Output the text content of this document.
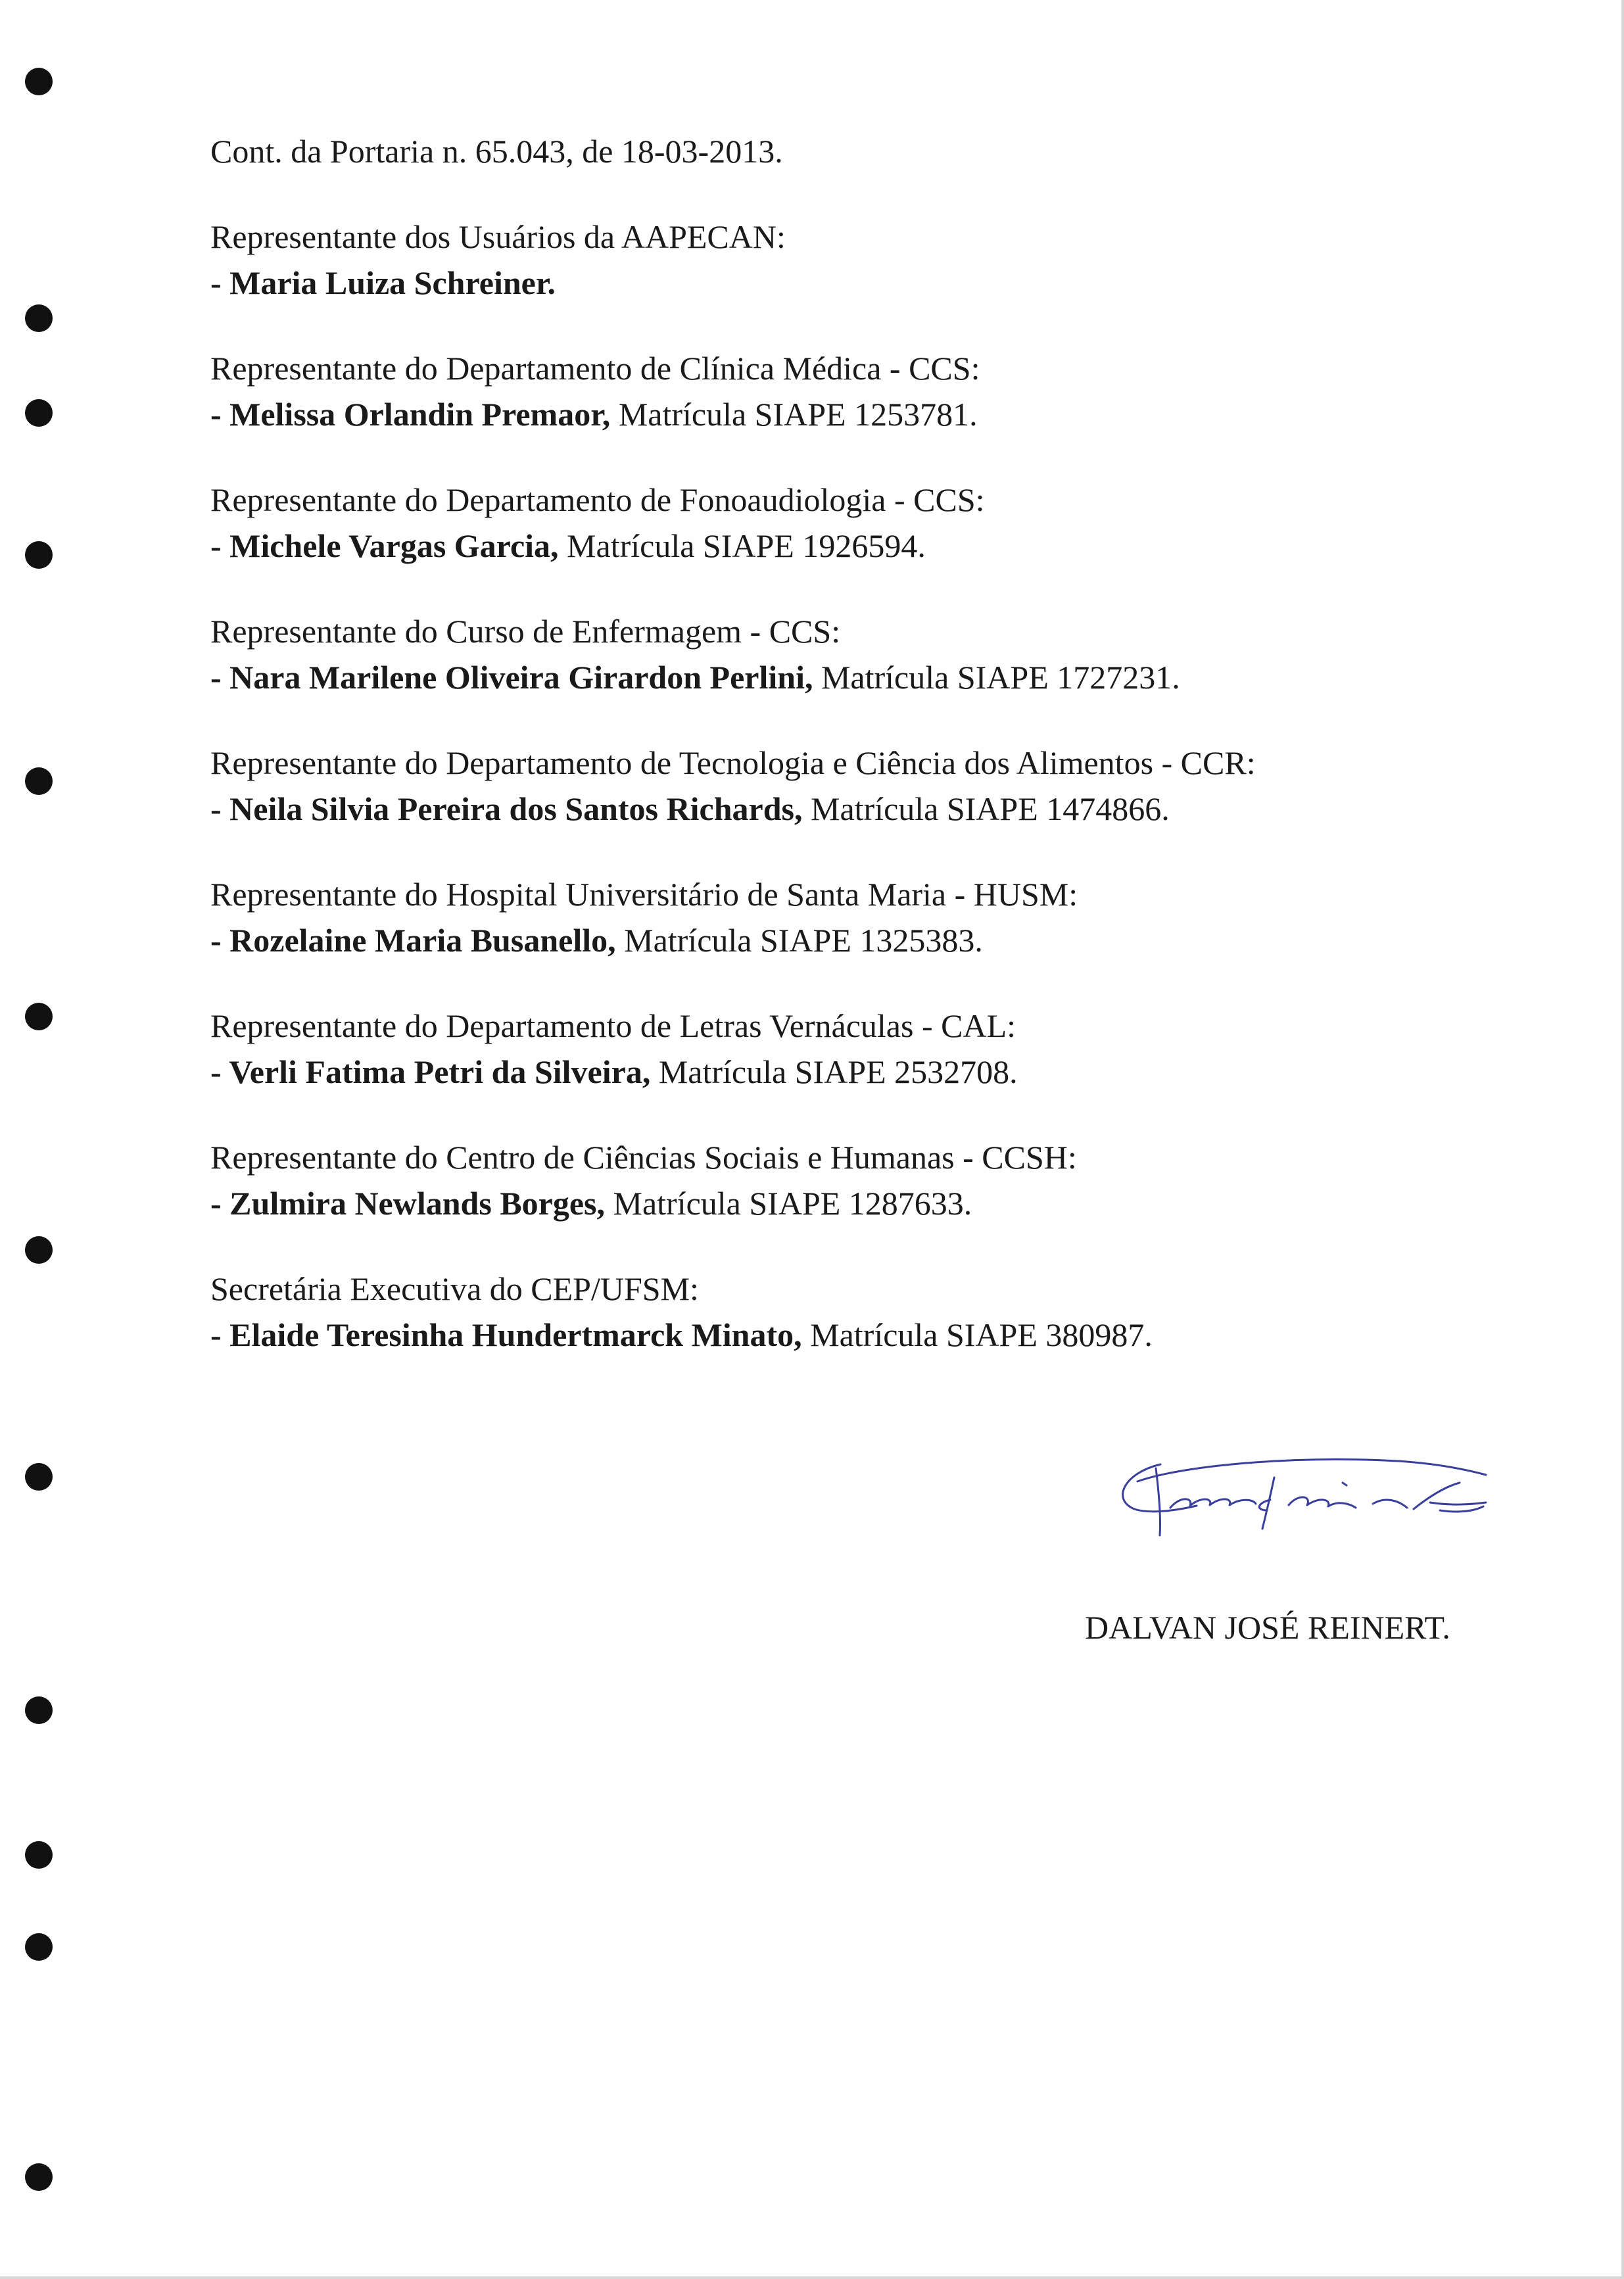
Cont. da Portaria n. 65.043, de 18-03-2013.

Representante dos Usuários da AAPECAN:

- Maria Luiza Schreiner.

Representante do Departamento de Clínica Médica - CCS:

- Melissa Orlandin Premaor, Matrícula SIAPE 1253781.

Representante do Departamento de Fonoaudiologia - CCS:

- Michele Vargas Garcia, Matrícula SIAPE 1926594.

Representante do Curso de Enfermagem - CCS:

- Nara Marilene Oliveira Girardon Perlini, Matrícula SIAPE 1727231.

Representante do Departamento de Tecnologia e Ciência dos Alimentos - CCR:

- Neila Silvia Pereira dos Santos Richards, Matrícula SIAPE 1474866.

Representante do Hospital Universitário de Santa Maria - HUSM:

- Rozelaine Maria Busanello, Matrícula SIAPE 1325383.

Representante do Departamento de Letras Vernáculas - CAL:

- Verli Fatima Petri da Silveira, Matrícula SIAPE 2532708.

Representante do Centro de Ciências Sociais e Humanas - CCSH:

- Zulmira Newlands Borges, Matrícula SIAPE 1287633.

Secretária Executiva do CEP/UFSM:

- Elaide Teresinha Hundertmarck Minato, Matrícula SIAPE 380987.

DALVAN JOSÉ REINERT.
